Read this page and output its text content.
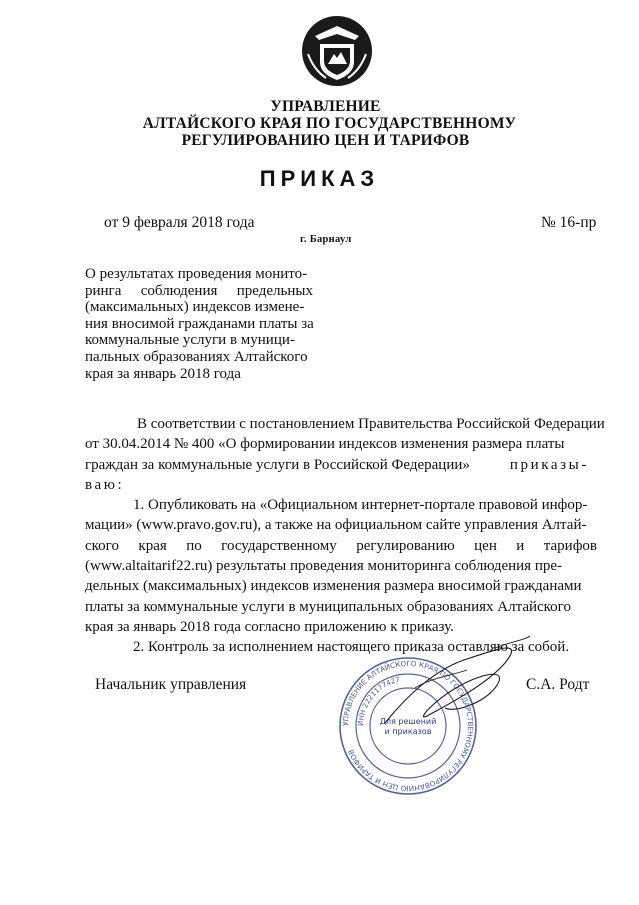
УПРАВЛЕНИЕ
АЛТАЙСКОГО КРАЯ ПО ГОСУДАРСТВЕННОМУ
РЕГУЛИРОВАНИЮ ЦЕН И ТАРИФОВ
ПРИКАЗ
от 9 февраля 2018 года	№ 16-пр
г. Барнаул
О результатах проведения монито-
ринга соблюдения предельных
(максимальных) индексов измене-
ния вносимой гражданами платы за
коммунальные услуги в муници-
пальных образованиях Алтайского
края за январь 2018 года
В соответствии с постановлением Правительства Российской Федерации
от 30.04.2014 № 400 «О формировании индексов изменения размера платы
граждан за коммунальные услуги в Российской Федерации»	приказы-
ваю:
1. Опубликовать на «Официальном интернет-портале правовой инфор-
мации» (www.pravo.gov.ru), а также на официальном сайте управления Алтай-
ского края по государственному регулированию цен и тарифов
(www.altaitarif22.ru) результаты проведения мониторинга соблюдения пре-
дельных (максимальных) индексов изменения размера вносимой гражданами
платы за коммунальные услуги в муниципальных образованиях Алтайского
края за январь 2018 года согласно приложению к приказу.
2. Контроль за исполнением настоящего приказа оставляю за собой.
Начальник управления	С.А. Родт
УПРАВЛЕНИЕ АЛТАЙСКОГО КРАЯ ПО ГОСУДАРСТВЕННОМУ РЕГУЛИРОВАНИЮ ЦЕН И ТАРИФОВ
ИНН 2221177427
Для решений
и приказов
